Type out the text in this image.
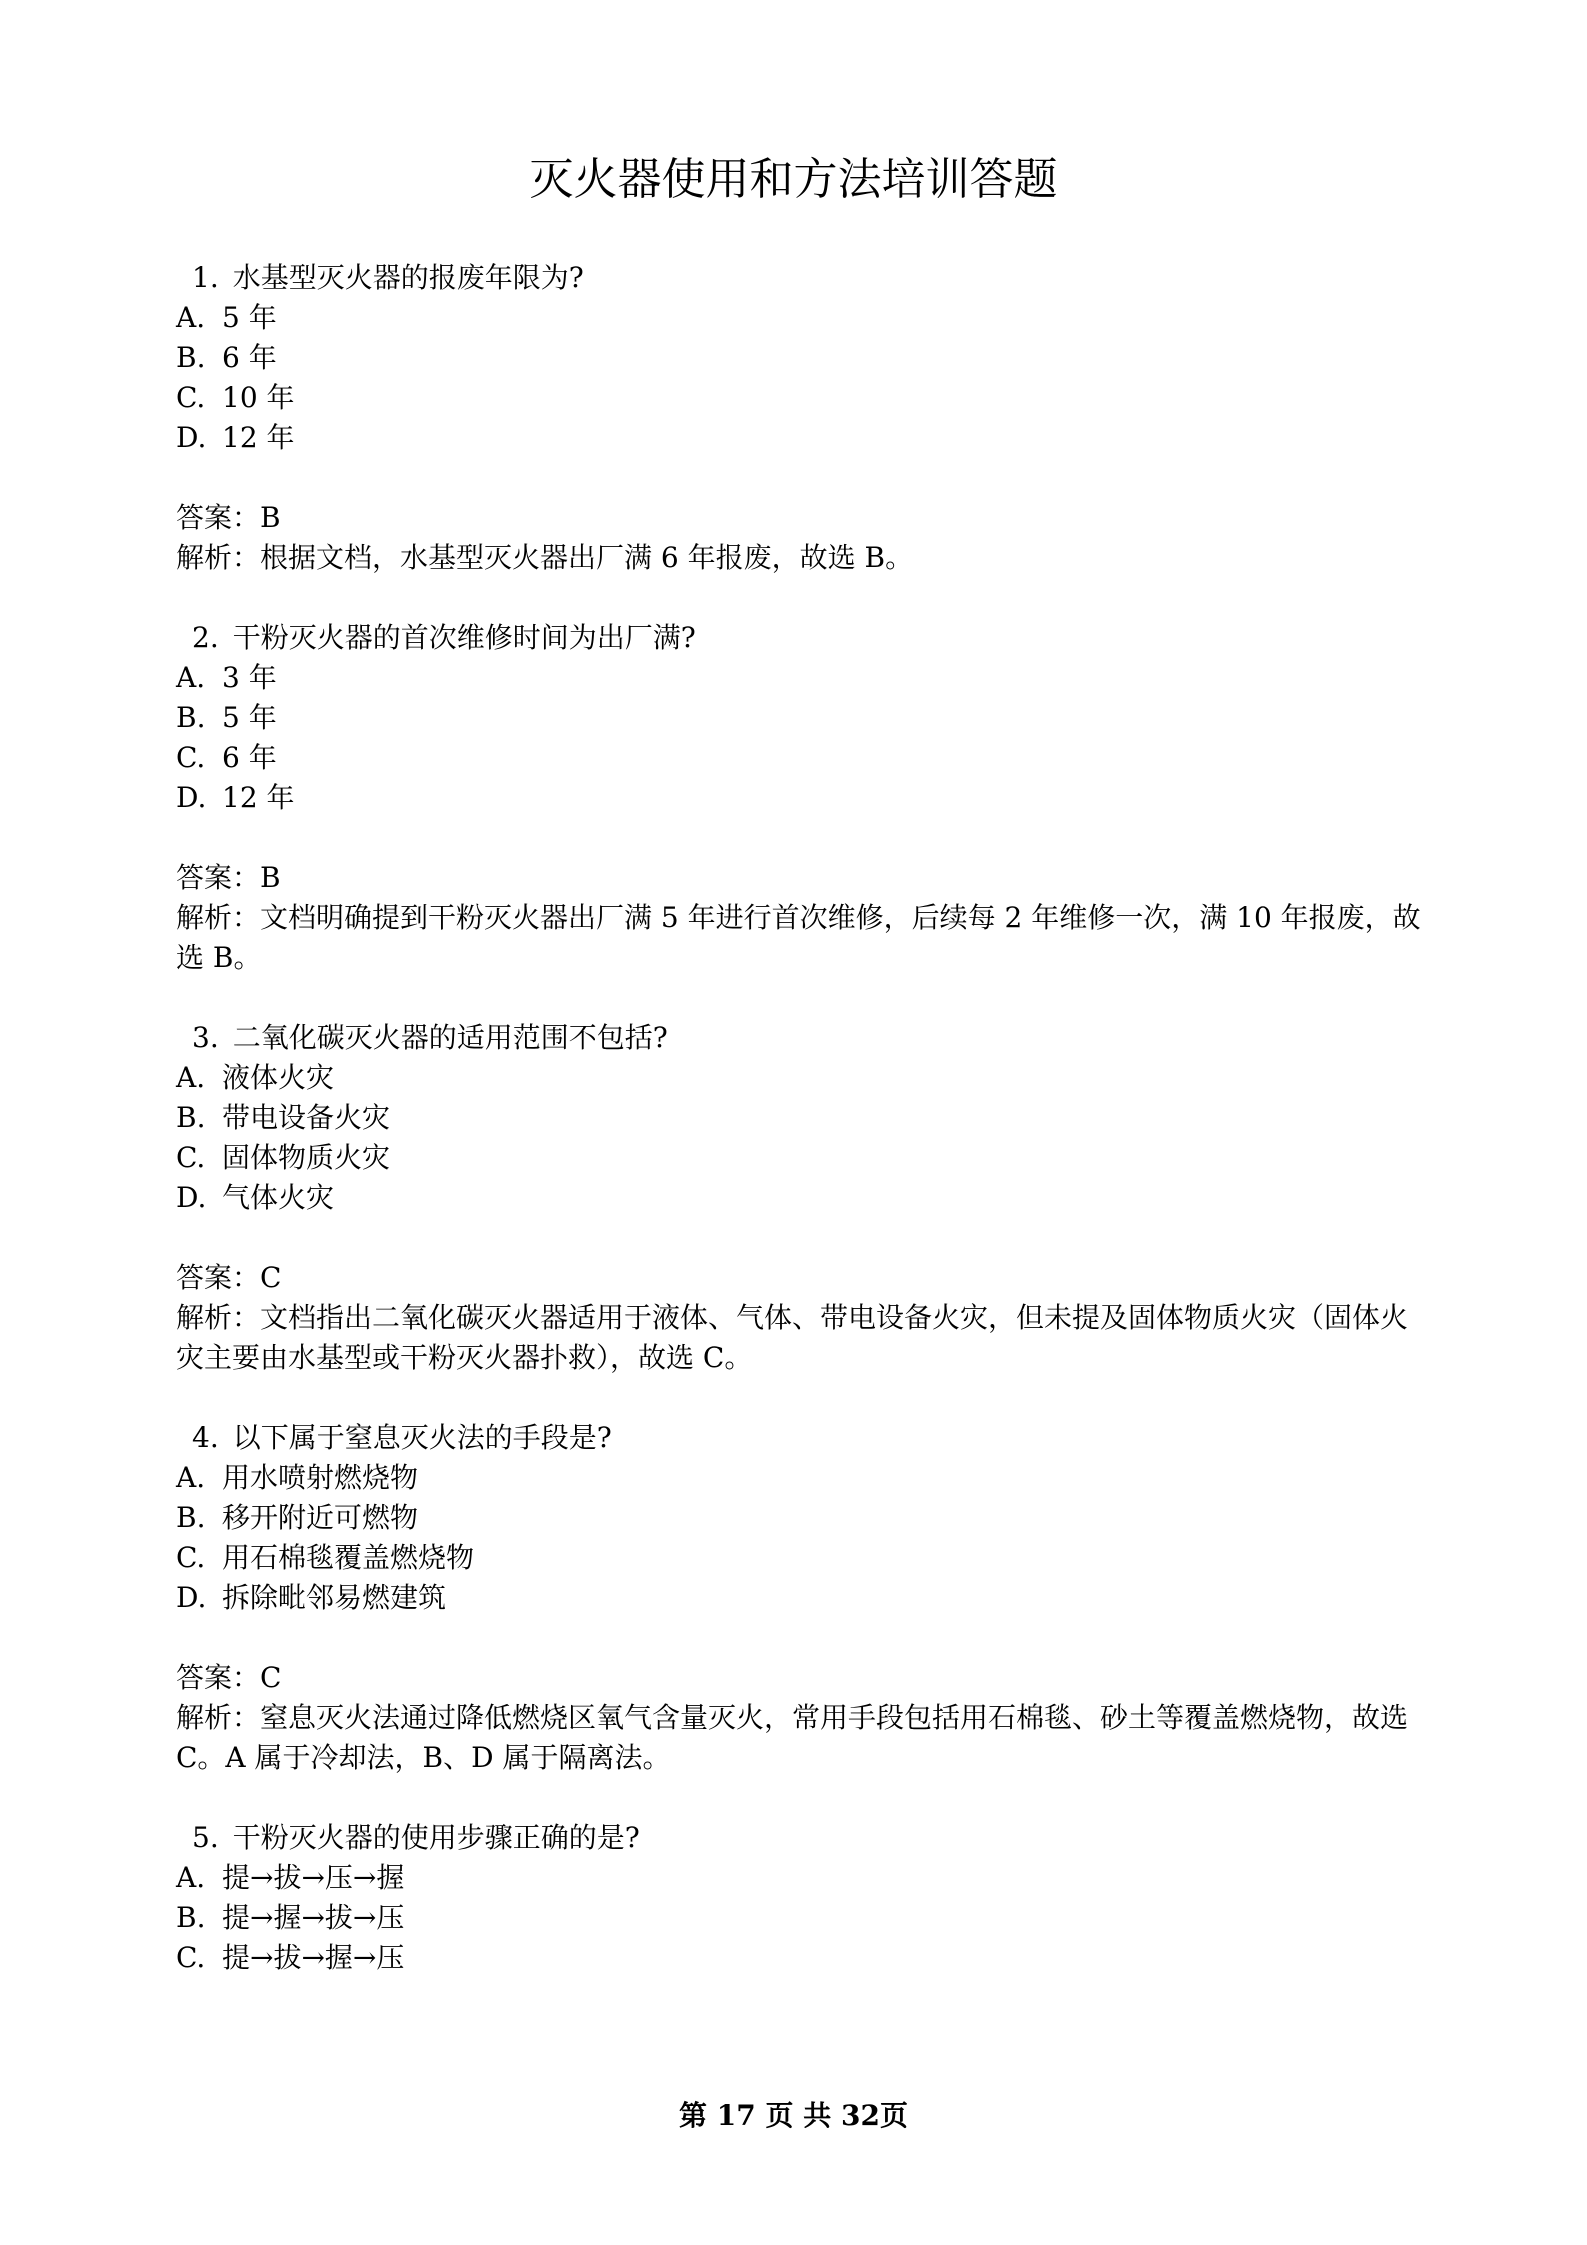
灭火器使用和方法培训答题
1. 水基型灭火器的报废年限为?
A. 5 年
B. 6 年
C. 10 年
D. 12 年
答案：B
解析：根据文档，水基型灭火器出厂满 6 年报废，故选 B。
2. 干粉灭火器的首次维修时间为出厂满?
A. 3 年
B. 5 年
C. 6 年
D. 12 年
答案：B
解析：文档明确提到干粉灭火器出厂满 5 年进行首次维修，后续每 2 年维修一次，满 10 年报废，故选 B。
3. 二氧化碳灭火器的适用范围不包括?
A. 液体火灾
B. 带电设备火灾
C. 固体物质火灾
D. 气体火灾
答案：C
解析：文档指出二氧化碳灭火器适用于液体、气体、带电设备火灾，但未提及固体物质火灾（固体火灾主要由水基型或干粉灭火器扑救），故选 C。
4. 以下属于窒息灭火法的手段是?
A. 用水喷射燃烧物
B. 移开附近可燃物
C. 用石棉毯覆盖燃烧物
D. 拆除毗邻易燃建筑
答案：C
解析：窒息灭火法通过降低燃烧区氧气含量灭火，常用手段包括用石棉毯、砂土等覆盖燃烧物，故选 C。A 属于冷却法，B、D 属于隔离法。
5. 干粉灭火器的使用步骤正确的是?
A. 提→拔→压→握
B. 提→握→拔→压
C. 提→拔→握→压
第 17 页 共 32页
